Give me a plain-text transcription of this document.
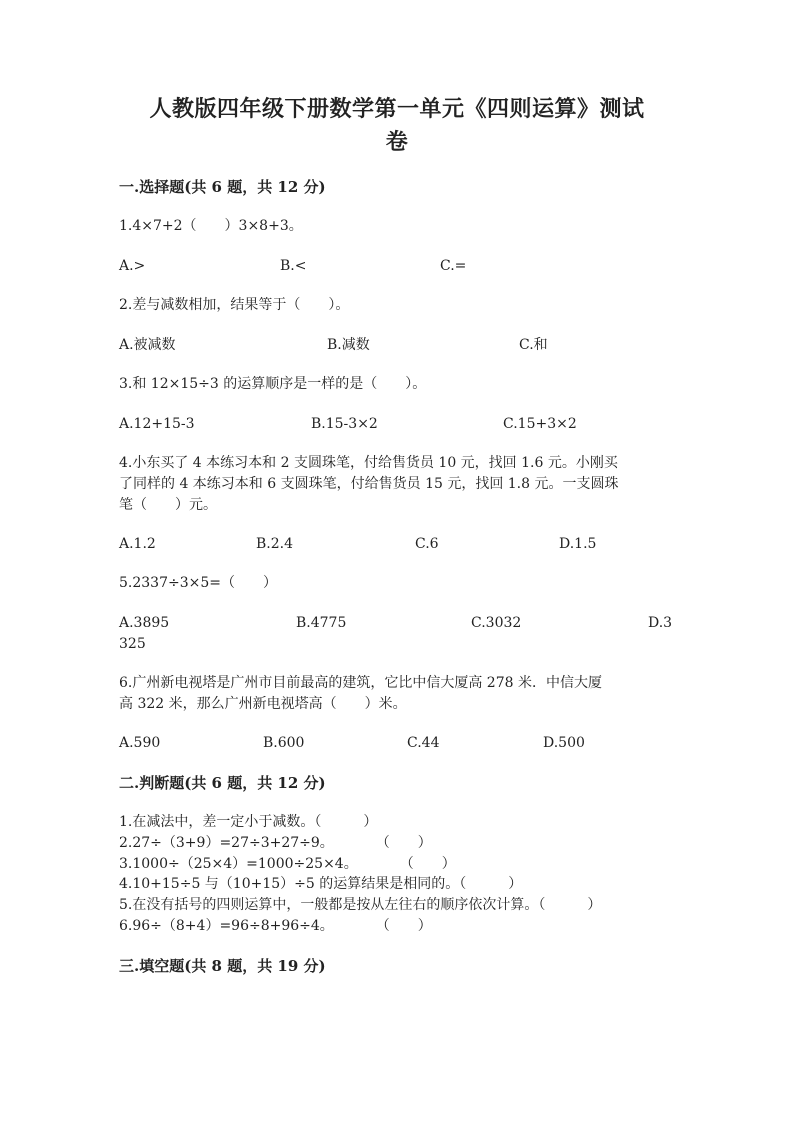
人教版四年级下册数学第一单元《四则运算》测试
卷
一.选择题(共 6 题，共 12 分)
1.4×7+2（　　）3×8+3。
A.>	B.<	C.=
2.差与减数相加，结果等于（　　）。
A.被减数	B.减数	C.和
3.和 12×15÷3 的运算顺序是一样的是（　　）。
A.12+15-3	B.15-3×2	C.15+3×2
4.小东买了 4 本练习本和 2 支圆珠笔，付给售货员 10 元，找回 1.6 元。小刚买
了同样的 4 本练习本和 6 支圆珠笔，付给售货员 15 元，找回 1.8 元。一支圆珠
笔（　　）元。
A.1.2	B.2.4	C.6	D.1.5
5.2337÷3×5=（　　）
A.3895	B.4775	C.3032	D.3
325
6.广州新电视塔是广州市目前最高的建筑，它比中信大厦高 278 米．中信大厦
高 322 米，那么广州新电视塔高（　　）米。
A.590	B.600	C.44	D.500
二.判断题(共 6 题，共 12 分)
1.在减法中，差一定小于减数。（　　　）
2.27÷（3+9）=27÷3+27÷9。　　　　（　　）
3.1000÷（25×4）=1000÷25×4。　　　　（　　）
4.10+15÷5 与（10+15）÷5 的运算结果是相同的。（　　　）
5.在没有括号的四则运算中，一般都是按从左往右的顺序依次计算。（　　　）
6.96÷（8+4）=96÷8+96÷4。　　　　（　　）
三.填空题(共 8 题，共 19 分)
